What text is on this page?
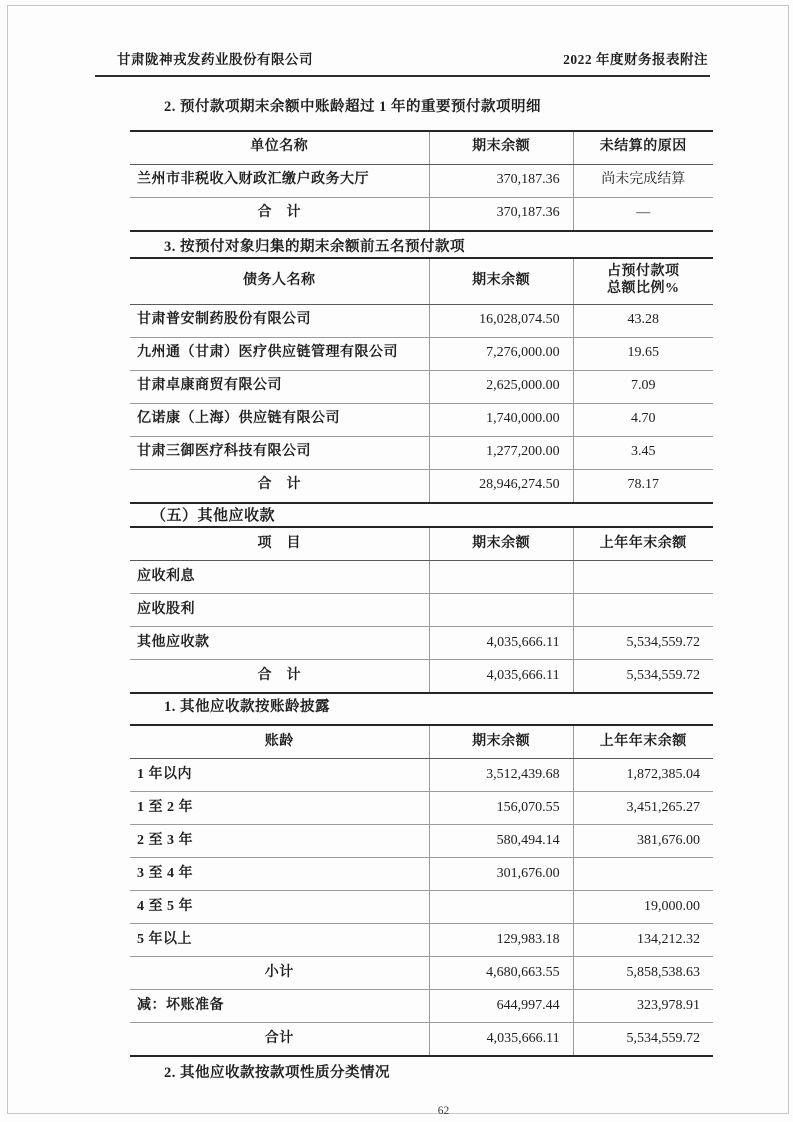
甘肃陇神戎发药业股份有限公司	2022 年度财务报表附注

2. 预付款项期末余额中账龄超过 1 年的重要预付款项明细

单位名称	期末余额	未结算的原因
兰州市非税收入财政汇缴户政务大厅	370,187.36	尚未完成结算
合　计	370,187.36	—

3. 按预付对象归集的期末余额前五名预付款项

债务人名称	期末余额	占预付款项
总额比例%
甘肃普安制药股份有限公司	16,028,074.50	43.28
九州通（甘肃）医疗供应链管理有限公司	7,276,000.00	19.65
甘肃卓康商贸有限公司	2,625,000.00	7.09
亿诺康（上海）供应链有限公司	1,740,000.00	4.70
甘肃三御医疗科技有限公司	1,277,200.00	3.45
合　计	28,946,274.50	78.17

（五）其他应收款

项　目	期末余额	上年年末余额
应收利息		
应收股利		
其他应收款	4,035,666.11	5,534,559.72
合　计	4,035,666.11	5,534,559.72

1. 其他应收款按账龄披露

账龄	期末余额	上年年末余额
1 年以内	3,512,439.68	1,872,385.04
1 至 2 年	156,070.55	3,451,265.27
2 至 3 年	580,494.14	381,676.00
3 至 4 年	301,676.00	
4 至 5 年		19,000.00
5 年以上	129,983.18	134,212.32
小计	4,680,663.55	5,858,538.63
减：坏账准备	644,997.44	323,978.91
合计	4,035,666.11	5,534,559.72

2. 其他应收款按款项性质分类情况

62
